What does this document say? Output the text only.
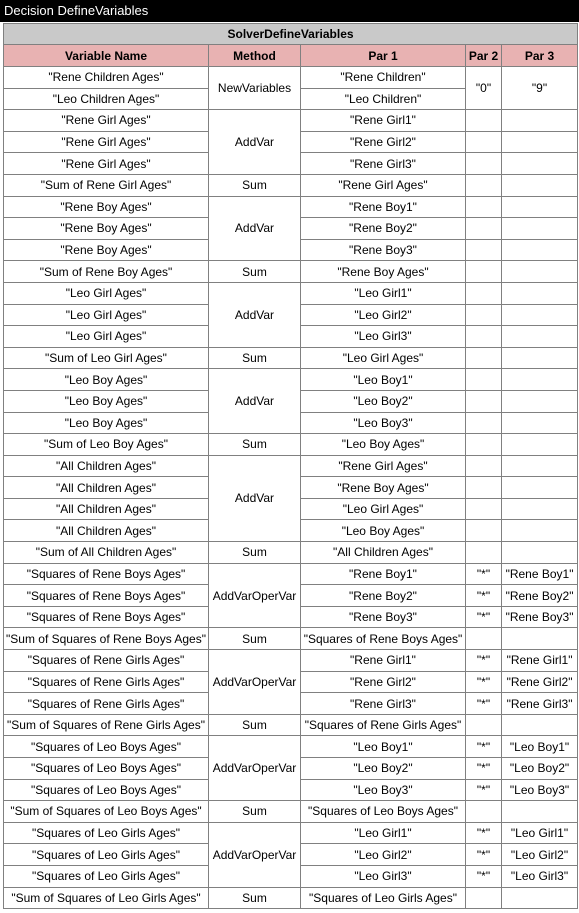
Decision DefineVariables
SolverDefineVariables				
Variable Name	Method	Par 1	Par 2	Par 3
"Rene Children Ages"	NewVariables	"Rene Children"	"0"	"9"
"Leo Children Ages"		"Leo Children"		
"Rene Girl Ages"	AddVar	"Rene Girl1"		
"Rene Girl Ages"		"Rene Girl2"		
"Rene Girl Ages"		"Rene Girl3"		
"Sum of Rene Girl Ages"	Sum	"Rene Girl Ages"		
"Rene Boy Ages"	AddVar	"Rene Boy1"		
"Rene Boy Ages"		"Rene Boy2"		
"Rene Boy Ages"		"Rene Boy3"		
"Sum of Rene Boy Ages"	Sum	"Rene Boy Ages"		
"Leo Girl Ages"	AddVar	"Leo Girl1"		
"Leo Girl Ages"		"Leo Girl2"		
"Leo Girl Ages"		"Leo Girl3"		
"Sum of Leo Girl Ages"	Sum	"Leo Girl Ages"		
"Leo Boy Ages"	AddVar	"Leo Boy1"		
"Leo Boy Ages"		"Leo Boy2"		
"Leo Boy Ages"		"Leo Boy3"		
"Sum of Leo Boy Ages"	Sum	"Leo Boy Ages"		
"All Children Ages"	AddVar	"Rene Girl Ages"		
"All Children Ages"		"Rene Boy Ages"		
"All Children Ages"		"Leo Girl Ages"		
"All Children Ages"		"Leo Boy Ages"		
"Sum of All Children Ages"	Sum	"All Children Ages"		
"Squares of Rene Boys Ages"	AddVarOperVar	"Rene Boy1"	"*"	"Rene Boy1"
"Squares of Rene Boys Ages"		"Rene Boy2"	"*"	"Rene Boy2"
"Squares of Rene Boys Ages"		"Rene Boy3"	"*"	"Rene Boy3"
"Sum of Squares of Rene Boys Ages"	Sum	"Squares of Rene Boys Ages"		
"Squares of Rene Girls Ages"	AddVarOperVar	"Rene Girl1"	"*"	"Rene Girl1"
"Squares of Rene Girls Ages"		"Rene Girl2"	"*"	"Rene Girl2"
"Squares of Rene Girls Ages"		"Rene Girl3"	"*"	"Rene Girl3"
"Sum of Squares of Rene Girls Ages"	Sum	"Squares of Rene Girls Ages"		
"Squares of Leo Boys Ages"	AddVarOperVar	"Leo Boy1"	"*"	"Leo Boy1"
"Squares of Leo Boys Ages"		"Leo Boy2"	"*"	"Leo Boy2"
"Squares of Leo Boys Ages"		"Leo Boy3"	"*"	"Leo Boy3"
"Sum of Squares of Leo Boys Ages"	Sum	"Squares of Leo Boys Ages"		
"Squares of Leo Girls Ages"	AddVarOperVar	"Leo Girl1"	"*"	"Leo Girl1"
"Squares of Leo Girls Ages"		"Leo Girl2"	"*"	"Leo Girl2"
"Squares of Leo Girls Ages"		"Leo Girl3"	"*"	"Leo Girl3"
"Sum of Squares of Leo Girls Ages"	Sum	"Squares of Leo Girls Ages"		
